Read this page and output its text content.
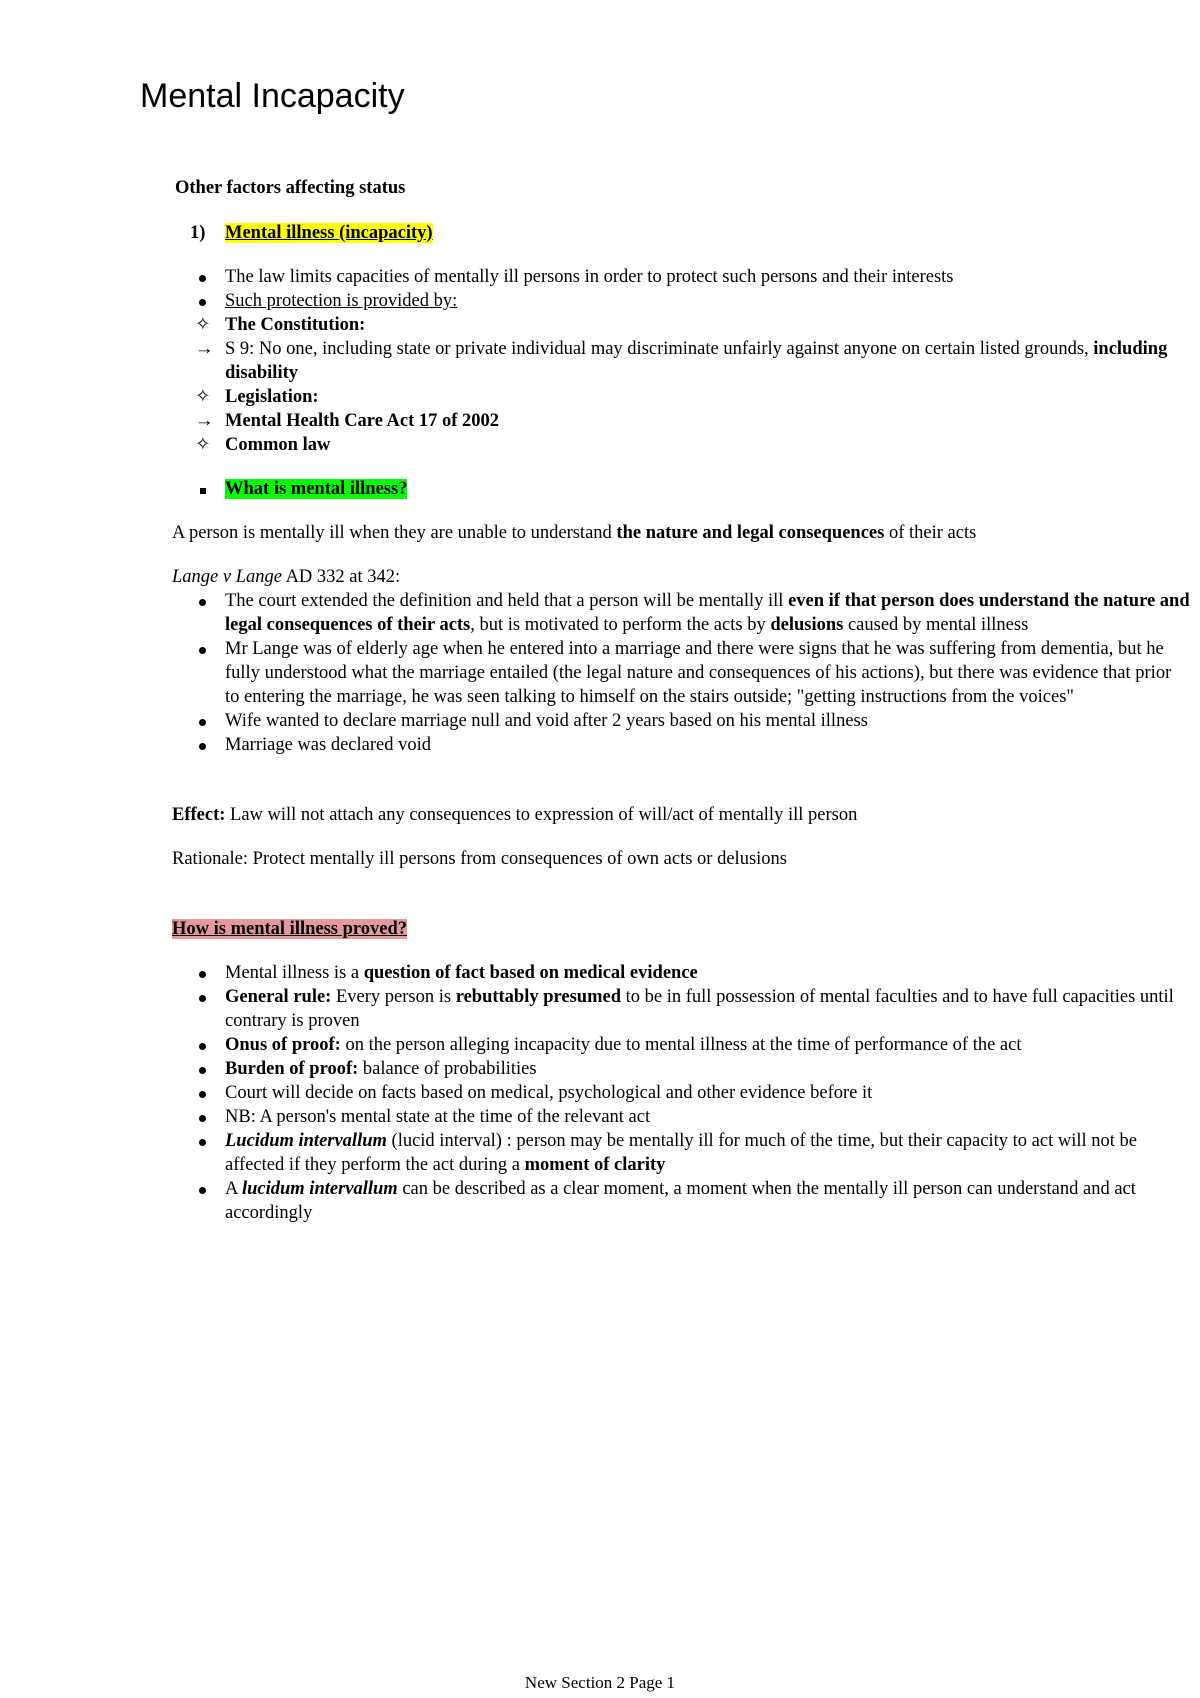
Mental Incapacity

Other factors affecting status

1) Mental illness (incapacity)

The law limits capacities of mentally ill persons in order to protect such persons and their interests
Such protection is provided by:
✧ The Constitution:
→ S 9: No one, including state or private individual may discriminate unfairly against anyone on certain listed grounds, including disability
✧ Legislation:
→ Mental Health Care Act 17 of 2002
✧ Common law
What is mental illness?

A person is mentally ill when they are unable to understand the nature and legal consequences of their acts

Lange v Lange AD 332 at 342:

The court extended the definition and held that a person will be mentally ill even if that person does understand the nature and legal consequences of their acts, but is motivated to perform the acts by delusions caused by mental illness
Mr Lange was of elderly age when he entered into a marriage and there were signs that he was suffering from dementia, but he fully understood what the marriage entailed (the legal nature and consequences of his actions), but there was evidence that prior to entering the marriage, he was seen talking to himself on the stairs outside; "getting instructions from the voices"
Wife wanted to declare marriage null and void after 2 years based on his mental illness
Marriage was declared void

Effect: Law will not attach any consequences to expression of will/act of mentally ill person

Rationale: Protect mentally ill persons from consequences of own acts or delusions

How is mental illness proved?

Mental illness is a question of fact based on medical evidence
General rule: Every person is rebuttably presumed to be in full possession of mental faculties and to have full capacities until contrary is proven
Onus of proof: on the person alleging incapacity due to mental illness at the time of performance of the act
Burden of proof: balance of probabilities
Court will decide on facts based on medical, psychological and other evidence before it
NB: A person's mental state at the time of the relevant act
Lucidum intervallum (lucid interval) : person may be mentally ill for much of the time, but their capacity to act will not be affected if they perform the act during a moment of clarity
A lucidum intervallum can be described as a clear moment, a moment when the mentally ill person can understand and act accordingly
New Section 2 Page 1
